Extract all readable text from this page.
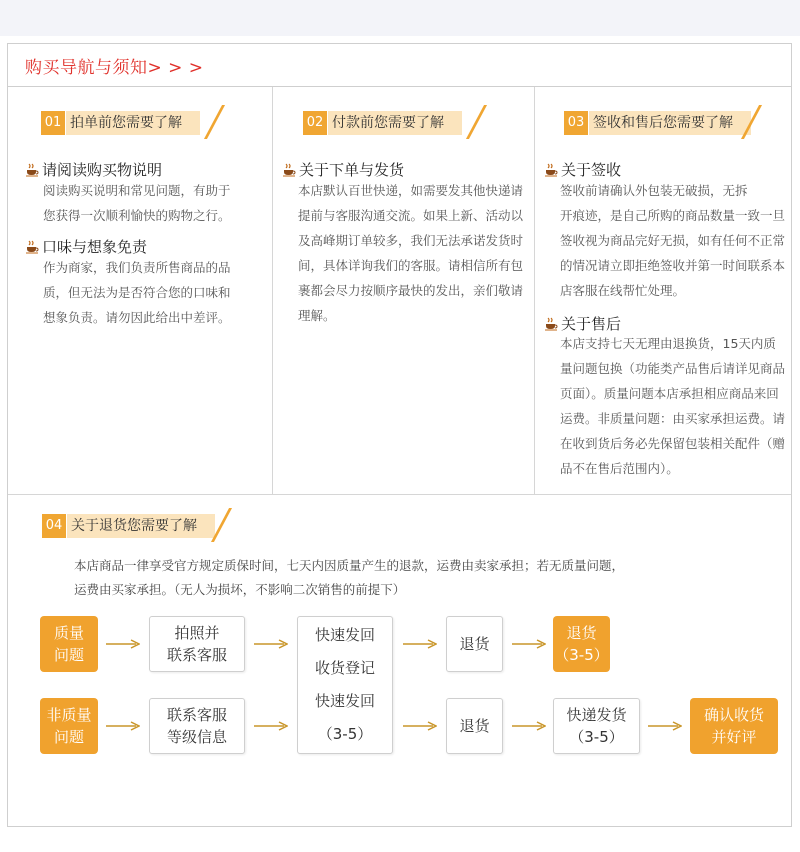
购买导航与须知> > >
01 拍单前您需要了解
请阅读购买物说明
阅读购买说明和常见问题，有助于
您获得一次顺利愉快的购物之行。
口味与想象免责
作为商家，我们负责所售商品的品
质，但无法为是否符合您的口味和
想象负责。请勿因此给出中差评。
02 付款前您需要了解
关于下单与发货
本店默认百世快递，如需要发其他快递请
提前与客服沟通交流。如果上新、活动以
及高峰期订单较多，我们无法承诺发货时
间，具体详询我们的客服。请相信所有包
裹都会尽力按顺序最快的发出，亲们敬请
理解。
03 签收和售后您需要了解
关于签收
签收前请确认外包装无破损，无拆
开痕迹，是自己所购的商品数量一致一旦
签收视为商品完好无损，如有任何不正常
的情况请立即拒绝签收并第一时间联系本
店客服在线帮忙处理。
关于售后
本店支持七天无理由退换货，15天内质
量问题包换（功能类产品售后请详见商品
页面）。质量问题本店承担相应商品来回
运费。非质量问题：由买家承担运费。请
在收到货后务必先保留包装相关配件（赠
品不在售后范围内）。
04 关于退货您需要了解
本店商品一律享受官方规定质保时间，七天内因质量产生的退款，运费由卖家承担；若无质量问题，
运费由买家承担。（无人为损坏，不影响二次销售的前提下）
质量
问题
拍照并
联系客服
快速发回
收货登记
快速发回
（3-5）
退货
退货
（3-5）
非质量
问题
联系客服
等级信息
退货
快递发货
（3-5）
确认收货
并好评
